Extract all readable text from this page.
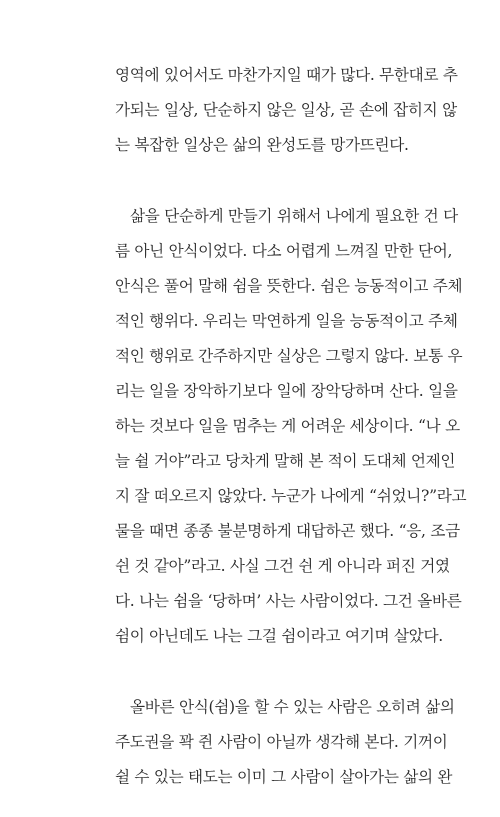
영역에 있어서도 마찬가지일 때가 많다. 무한대로 추
가되는 일상, 단순하지 않은 일상, 곧 손에 잡히지 않
는 복잡한 일상은 삶의 완성도를 망가뜨린다.
삶을 단순하게 만들기 위해서 나에게 필요한 건 다
름 아닌 안식이었다. 다소 어렵게 느껴질 만한 단어,
안식은 풀어 말해 쉼을 뜻한다. 쉼은 능동적이고 주체
적인 행위다. 우리는 막연하게 일을 능동적이고 주체
적인 행위로 간주하지만 실상은 그렇지 않다. 보통 우
리는 일을 장악하기보다 일에 장악당하며 산다. 일을
하는 것보다 일을 멈추는 게 어려운 세상이다. “나 오
늘 쉴 거야”라고 당차게 말해 본 적이 도대체 언제인
지 잘 떠오르지 않았다. 누군가 나에게 “쉬었니?”라고
물을 때면 종종 불분명하게 대답하곤 했다. “응, 조금
쉰 것 같아”라고. 사실 그건 쉰 게 아니라 퍼진 거였
다. 나는 쉼을 ‘당하며’ 사는 사람이었다. 그건 올바른
쉼이 아닌데도 나는 그걸 쉼이라고 여기며 살았다.
올바른 안식(쉼)을 할 수 있는 사람은 오히려 삶의
주도권을 꽉 쥔 사람이 아닐까 생각해 본다. 기꺼이
쉴 수 있는 태도는 이미 그 사람이 살아가는 삶의 완
